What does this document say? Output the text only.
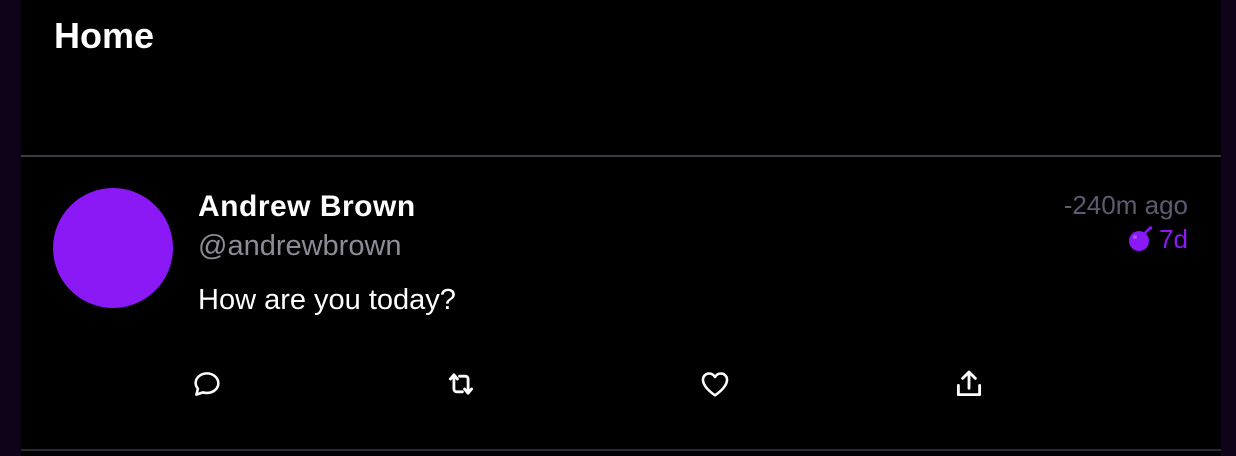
Home
Andrew Brown
@andrewbrown
How are you today?
-240m ago
7d
